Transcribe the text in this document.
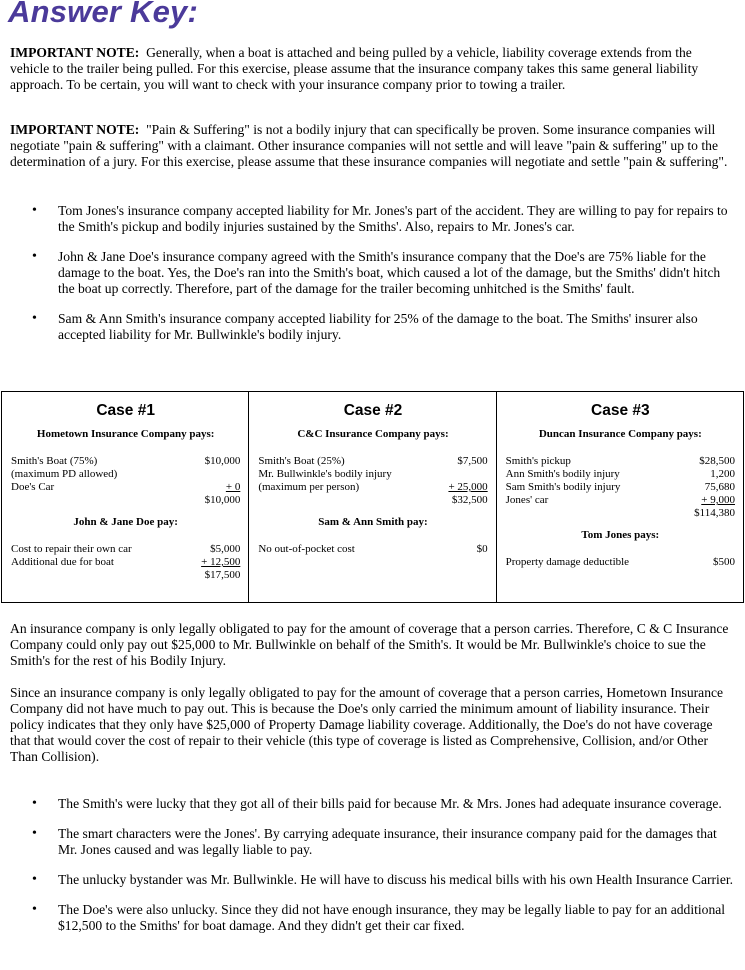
Answer Key:

IMPORTANT NOTE: Generally, when a boat is attached and being pulled by a vehicle, liability coverage extends from the vehicle to the trailer being pulled. For this exercise, please assume that the insurance company takes this same general liability approach. To be certain, you will want to check with your insurance company prior to towing a trailer.

IMPORTANT NOTE: "Pain & Suffering" is not a bodily injury that can specifically be proven. Some insurance companies will negotiate "pain & suffering" with a claimant. Other insurance companies will not settle and will leave "pain & suffering" up to the determination of a jury. For this exercise, please assume that these insurance companies will negotiate and settle "pain & suffering".

• Tom Jones's insurance company accepted liability for Mr. Jones's part of the accident. They are willing to pay for repairs to the Smith's pickup and bodily injuries sustained by the Smiths'. Also, repairs to Mr. Jones's car.
• John & Jane Doe's insurance company agreed with the Smith's insurance company that the Doe's are 75% liable for the damage to the boat. Yes, the Doe's ran into the Smith's boat, which caused a lot of the damage, but the Smiths' didn't hitch the boat up correctly. Therefore, part of the damage for the trailer becoming unhitched is the Smiths' fault.
• Sam & Ann Smith's insurance company accepted liability for 25% of the damage to the boat. The Smiths' insurer also accepted liability for Mr. Bullwinkle's bodily injury.
Case #1
Hometown Insurance Company pays:
Smith's Boat (75%)	$10,000
(maximum PD allowed)
Doe's Car	+ 0
$10,000
John & Jane Doe pay:
Cost to repair their own car	$5,000
Additional due for boat	+ 12,500
$17,500
Case #2
C&C Insurance Company pays:
Smith's Boat (25%)	$7,500
Mr. Bullwinkle's bodily injury
(maximum per person)	+ 25,000
$32,500
Sam & Ann Smith pay:
No out-of-pocket cost	$0
Case #3
Duncan Insurance Company pays:
Smith's pickup	$28,500
Ann Smith's bodily injury	1,200
Sam Smith's bodily injury	75,680
Jones' car	+ 9,000
$114,380
Tom Jones pays:
Property damage deductible	$500

An insurance company is only legally obligated to pay for the amount of coverage that a person carries. Therefore, C & C Insurance Company could only pay out $25,000 to Mr. Bullwinkle on behalf of the Smith's. It would be Mr. Bullwinkle's choice to sue the Smith's for the rest of his Bodily Injury.

Since an insurance company is only legally obligated to pay for the amount of coverage that a person carries, Hometown Insurance Company did not have much to pay out. This is because the Doe's only carried the minimum amount of liability insurance. Their policy indicates that they only have $25,000 of Property Damage liability coverage. Additionally, the Doe's do not have coverage that that would cover the cost of repair to their vehicle (this type of coverage is listed as Comprehensive, Collision, and/or Other Than Collision).

• The Smith's were lucky that they got all of their bills paid for because Mr. & Mrs. Jones had adequate insurance coverage.
• The smart characters were the Jones'. By carrying adequate insurance, their insurance company paid for the damages that Mr. Jones caused and was legally liable to pay.
• The unlucky bystander was Mr. Bullwinkle. He will have to discuss his medical bills with his own Health Insurance Carrier.
• The Doe's were also unlucky. Since they did not have enough insurance, they may be legally liable to pay for an additional $12,500 to the Smiths' for boat damage. And they didn't get their car fixed.
